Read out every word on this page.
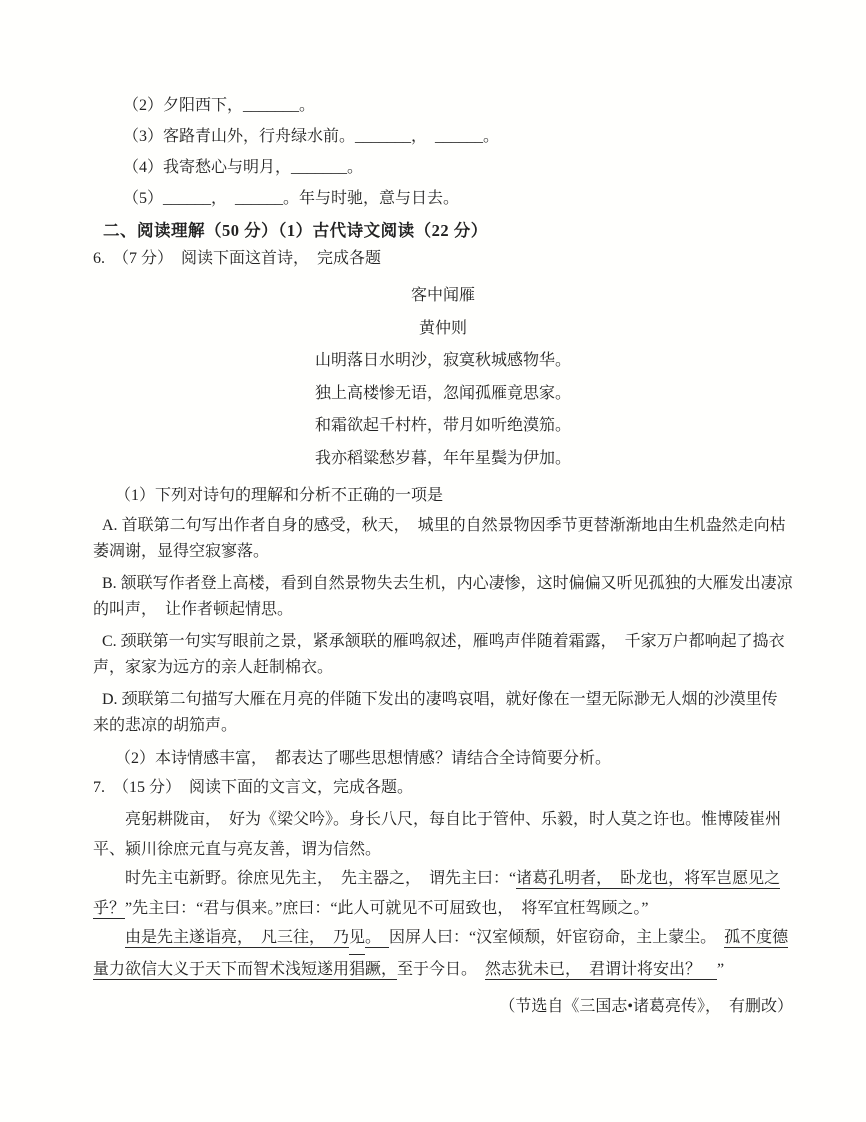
（2）夕阳西下，_______。
（3）客路青山外，行舟绿水前。_______，　______。
（4）我寄愁心与明月，_______。
（5）______，　______。年与时驰，意与日去。
二、阅读理解（50 分）（1）古代诗文阅读（22 分）
6.　（7 分）　阅读下面这首诗，　完成各题
客中闻雁
黄仲则
山明落日水明沙，寂寞秋城感物华。
独上高楼惨无语，忽闻孤雁竟思家。
和霜欲起千村杵，带月如听绝漠笳。
我亦稻粱愁岁暮，年年星鬓为伊加。
（1）下列对诗句的理解和分析不正确的一项是

A. 首联第二句写出作者自身的感受，秋天，　城里的自然景物因季节更替渐渐地由生机盎然走向枯萎凋谢，显得空寂寥落。

B. 颔联写作者登上高楼，看到自然景物失去生机，内心凄惨，这时偏偏又听见孤独的大雁发出凄凉的叫声，　让作者顿起情思。

C. 颈联第一句实写眼前之景，紧承颔联的雁鸣叙述，雁鸣声伴随着霜露，　千家万户都响起了捣衣声，家家为远方的亲人赶制棉衣。

D. 颈联第二句描写大雁在月亮的伴随下发出的凄鸣哀唱，就好像在一望无际渺无人烟的沙漠里传来的悲凉的胡笳声。

（2）本诗情感丰富，　都表达了哪些思想情感？请结合全诗简要分析。
7.　（15 分）　阅读下面的文言文，完成各题。

亮躬 ·耕陇亩，　好为《梁父吟》。身长八尺，每自比于管仲、乐毅，时人莫之许 ·也。惟博陵崔州平、颍川徐庶元直与亮友善，谓为信然。

时先主屯新野。徐庶见先主，　先主器 ·之，　谓先主曰：“诸葛孔明者，　卧龙也，将军岂愿见之乎？”先主曰：“君与俱来。”庶曰：“此人可就见不可屈致也，　将军宜枉驾顾之。”

由是先主遂诣亮，　凡三往，　乃见 ·。　因屏人曰：“汉室倾颓，奸宦窃命，主上蒙尘。　孤不度德量力欲信大义于天下而智术浅短遂用猖蹶，至于今日。　然志犹未已，　君谓计将安出？　”

（节选自《三国志•诸葛亮传》，　有删改）
